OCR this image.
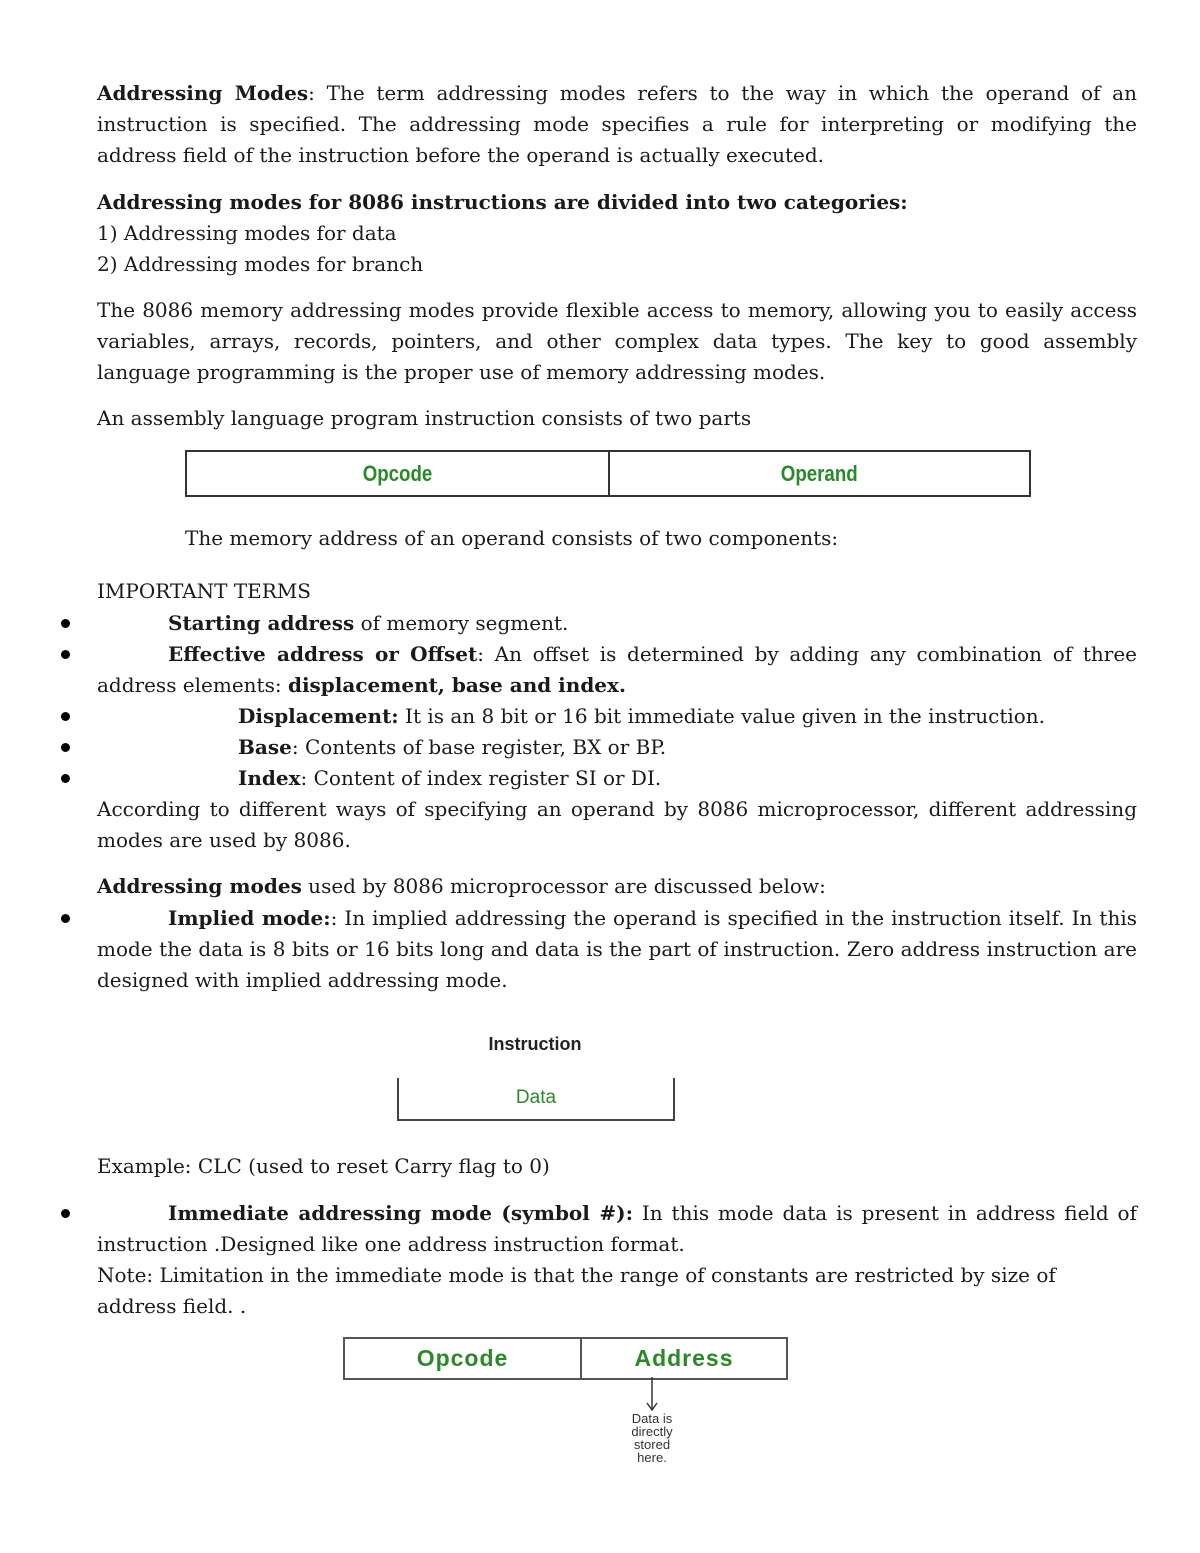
Addressing Modes: The term addressing modes refers to the way in which the operand of an instruction is specified. The addressing mode specifies a rule for interpreting or modifying the address field of the instruction before the operand is actually executed.

Addressing modes for 8086 instructions are divided into two categories:

1) Addressing modes for data

2) Addressing modes for branch

The 8086 memory addressing modes provide flexible access to memory, allowing you to easily access variables, arrays, records, pointers, and other complex data types. The key to good assembly language programming is the proper use of memory addressing modes.

An assembly language program instruction consists of two parts

Opcode	Operand

The memory address of an operand consists of two components:

IMPORTANT TERMS

Starting address of memory segment.
Effective address or Offset: An offset is determined by adding any combination of three address elements: displacement, base and index.
Displacement: It is an 8 bit or 16 bit immediate value given in the instruction.
Base: Contents of base register, BX or BP.
Index: Content of index register SI or DI.

According to different ways of specifying an operand by 8086 microprocessor, different addressing modes are used by 8086.

Addressing modes used by 8086 microprocessor are discussed below:

Implied mode:: In implied addressing the operand is specified in the instruction itself. In this mode the data is 8 bits or 16 bits long and data is the part of instruction. Zero address instruction are designed with implied addressing mode.
Instruction
Data

Example: CLC (used to reset Carry flag to 0)

Immediate addressing mode (symbol #): In this mode data is present in address field of instruction .Designed like one address instruction format.

Note: Limitation in the immediate mode is that the range of constants are restricted by size of address field. .

Opcode	Address
Data is
directly
stored
here.
